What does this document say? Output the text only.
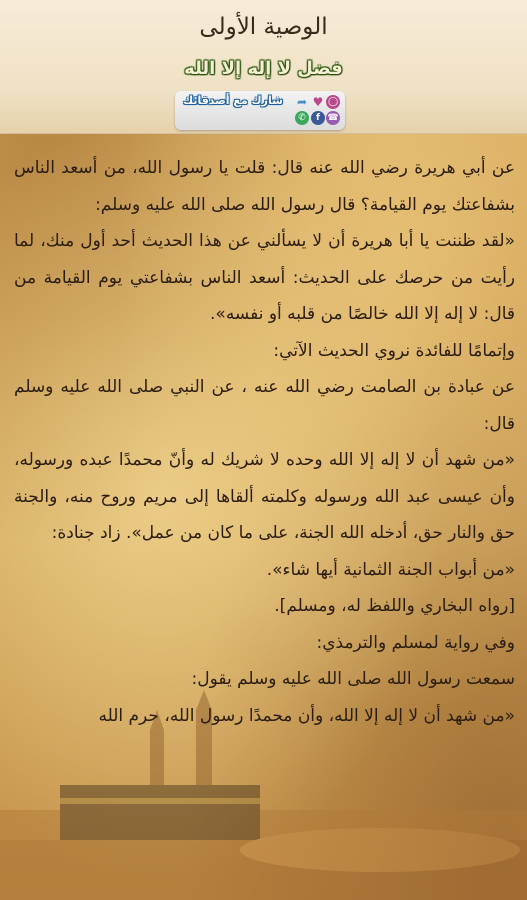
الوصية الأولى
فضل لا إله إلا الله
شارك مع أصدقائك ➦ ♥ ◯
✆	f ☎

عن أبي هريرة رضي الله عنه قال: قلت يا رسول الله، من أسعد الناس بشفاعتك يوم القيامة؟ قال رسول الله صلى الله عليه وسلم:

«لقد ظننت يا أبا هريرة أن لا يسألني عن هذا الحديث أحد أول منك، لما رأيت من حرصك على الحديث: أسعد الناس بشفاعتي يوم القيامة من قال: لا إله إلا الله خالصًا من قلبه أو نفسه».

وإتمامًا للفائدة نروي الحديث الآتي:

عن عبادة بن الصامت رضي الله عنه ، عن النبي صلى الله عليه وسلم قال:

«من شهد أن لا إله إلا الله وحده لا شريك له وأنّ محمدًا عبده ورسوله، وأن عيسى عبد الله ورسوله وكلمته ألقاها إلى مريم وروح منه، والجنة حق والنار حق، أدخله الله الجنة، على ما كان من عمل». زاد جنادة:

«من أبواب الجنة الثمانية أيها شاء».

[رواه البخاري واللفظ له، ومسلم].

وفي رواية لمسلم والترمذي:

سمعت رسول الله صلى الله عليه وسلم يقول:

«من شهد أن لا إله إلا الله، وأن محمدًا رسول الله، حرم الله
